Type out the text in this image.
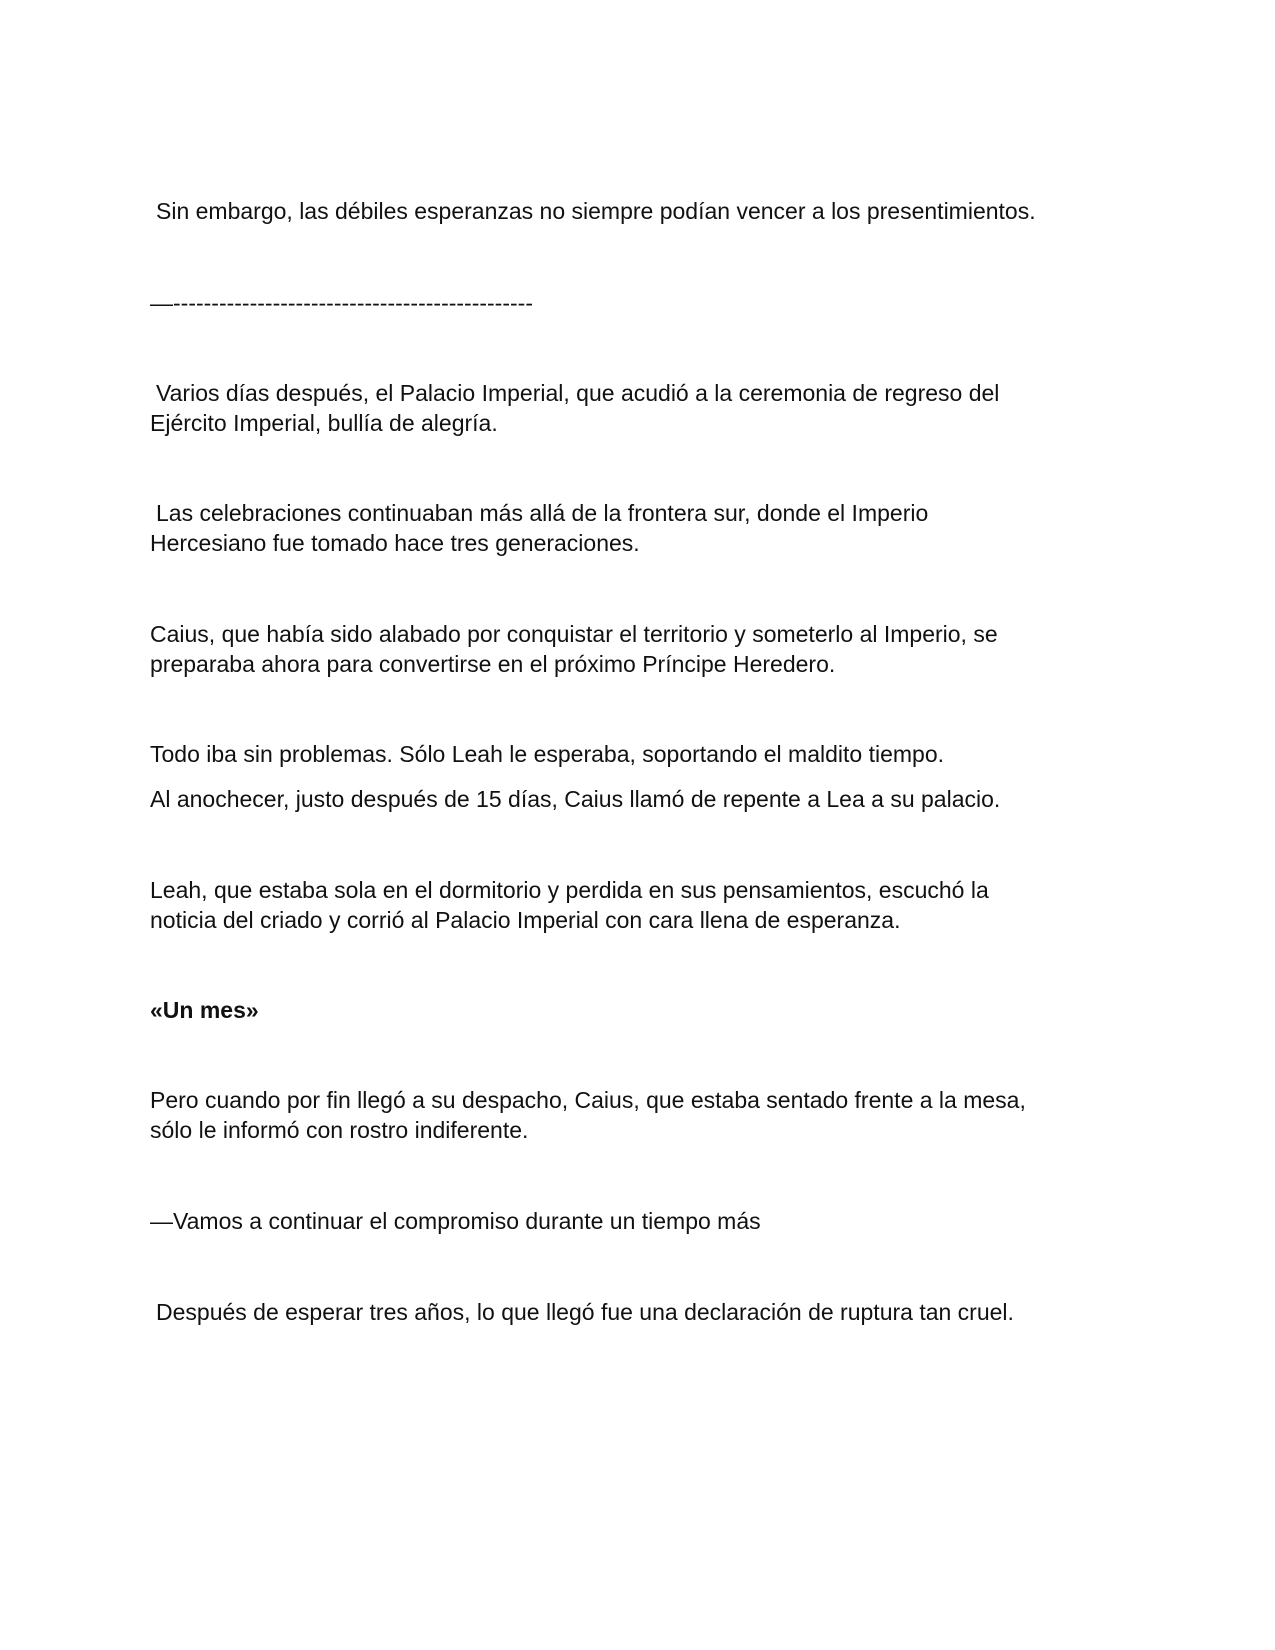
Sin embargo, las débiles esperanzas no siempre podían vencer a los presentimientos.

—-----------------------------------------------

Varios días después, el Palacio Imperial, que acudió a la ceremonia de regreso del

Ejército Imperial, bullía de alegría.

Las celebraciones continuaban más allá de la frontera sur, donde el Imperio

Hercesiano fue tomado hace tres generaciones.

Caius, que había sido alabado por conquistar el territorio y someterlo al Imperio, se

preparaba ahora para convertirse en el próximo Príncipe Heredero.

Todo iba sin problemas. Sólo Leah le esperaba, soportando el maldito tiempo.

Al anochecer, justo después de 15 días, Caius llamó de repente a Lea a su palacio.

Leah, que estaba sola en el dormitorio y perdida en sus pensamientos, escuchó la

noticia del criado y corrió al Palacio Imperial con cara llena de esperanza.

«Un mes»

Pero cuando por fin llegó a su despacho, Caius, que estaba sentado frente a la mesa,

sólo le informó con rostro indiferente.

—Vamos a continuar el compromiso durante un tiempo más

Después de esperar tres años, lo que llegó fue una declaración de ruptura tan cruel.
